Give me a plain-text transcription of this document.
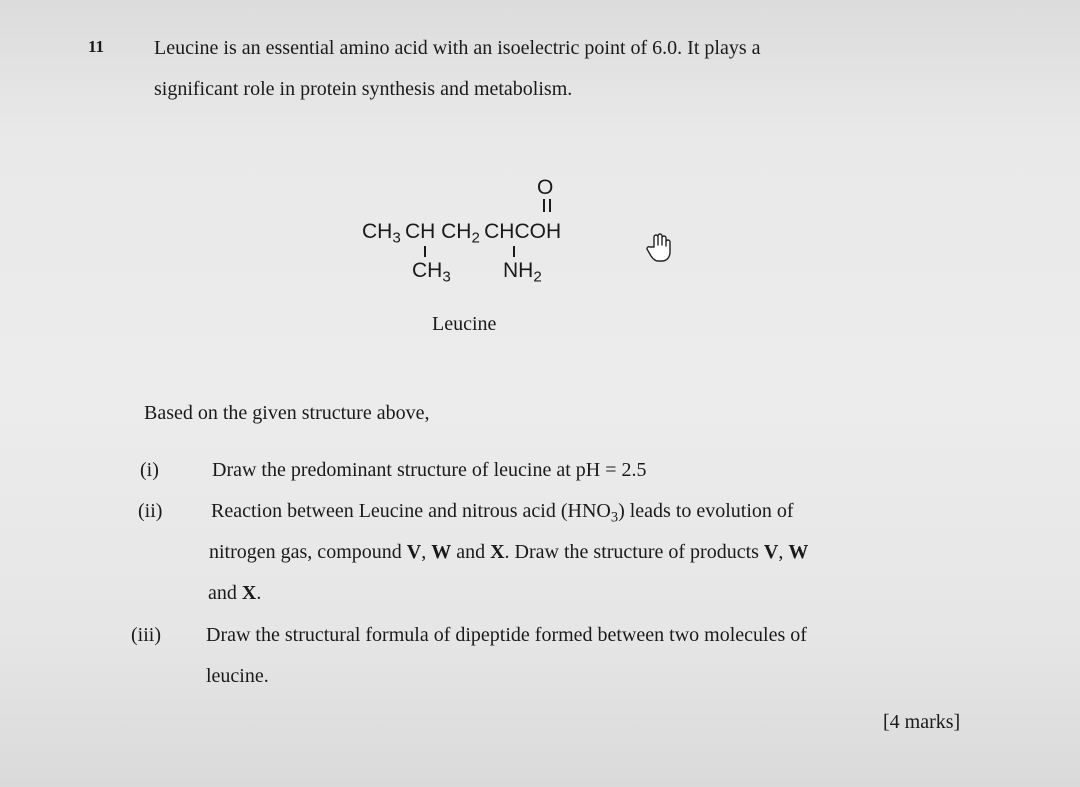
11 Leucine is an essential amino acid with an isoelectric point of 6.0. It plays a
significant role in protein synthesis and metabolism.
O
$CH_3$  CH $CH_2$  CHCOH
$CH_3$ $NH_2$
Leucine
Based on the given structure above,
(i)	Draw the predominant structure of leucine at pH = 2.5
(ii) Reaction between Leucine and nitrous acid $(HNO_3)$ leads to evolution of
nitrogen gas, compound V, W and X. Draw the structure of products V, W
and X.
(iii) Draw the structural formula of dipeptide formed between two molecules of
leucine.
[4 marks]
